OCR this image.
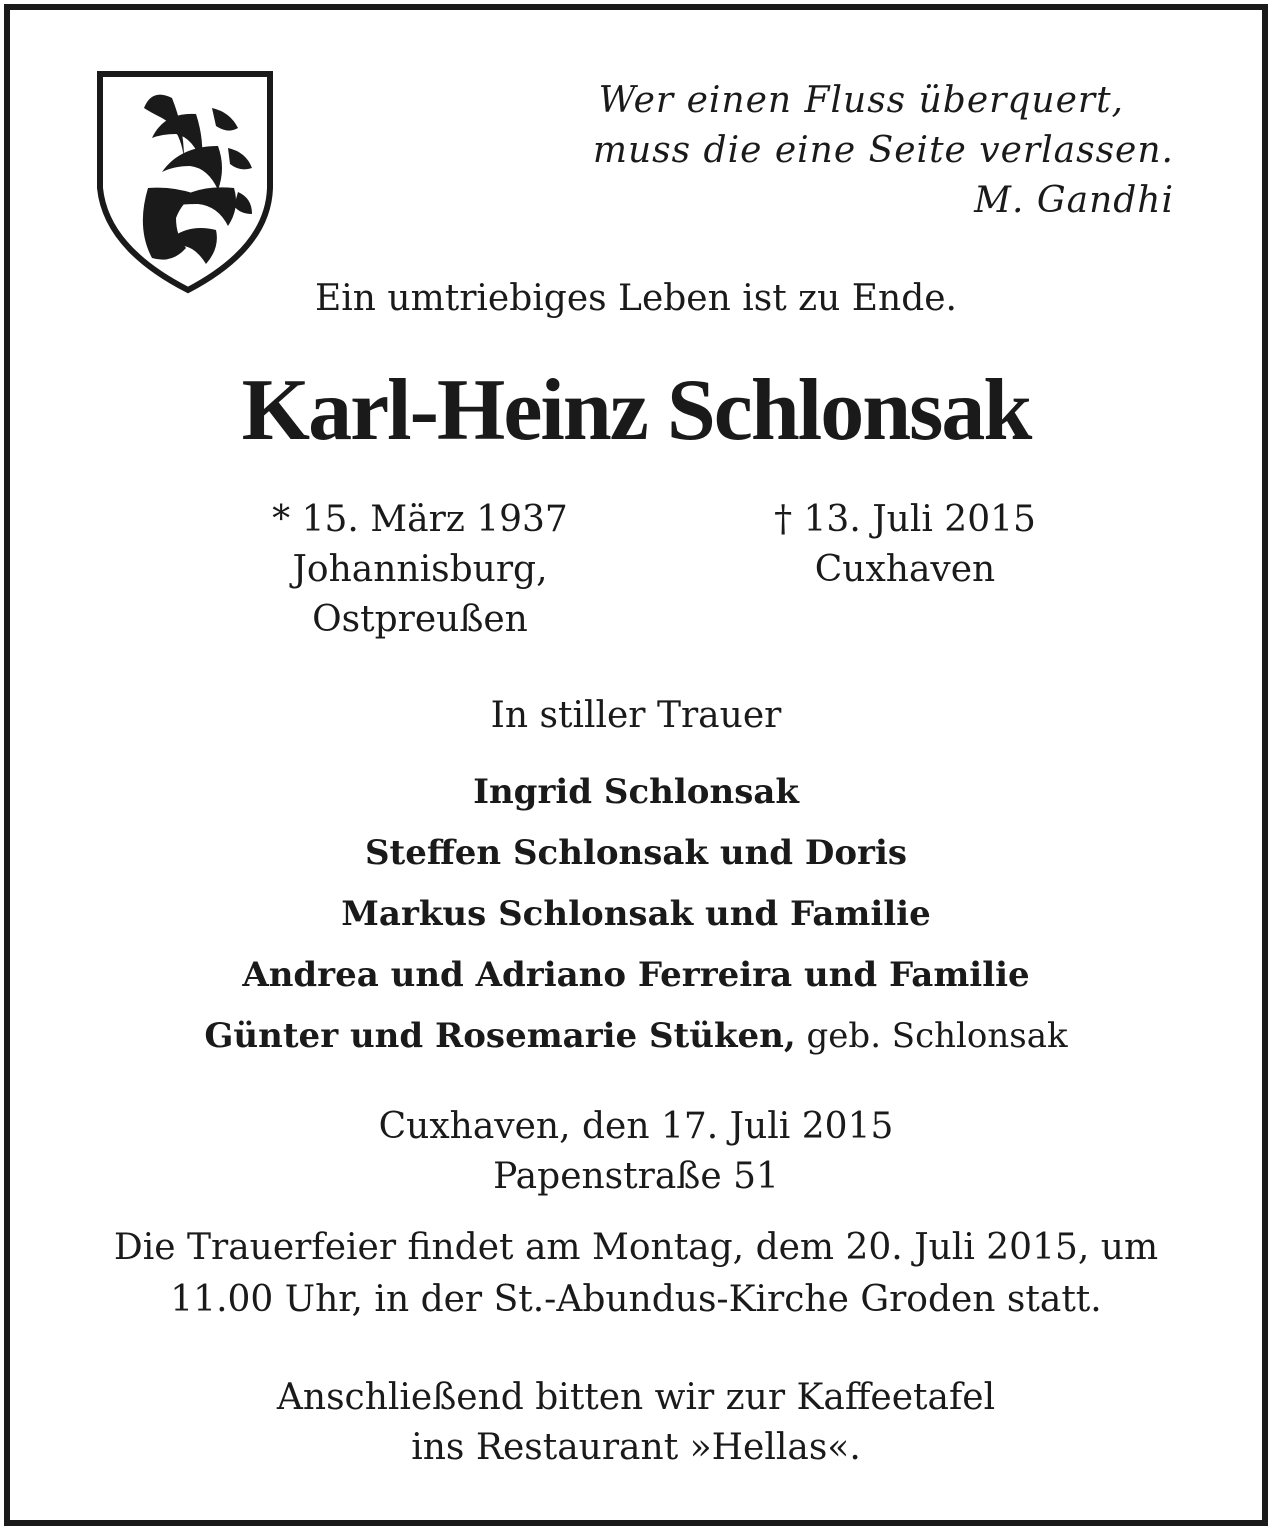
Wer einen Fluss überquert,
muss die eine Seite verlassen.
M. Gandhi
Ein umtriebiges Leben ist zu Ende.
Karl-Heinz Schlonsak
* 15. März 1937
Johannisburg,
Ostpreußen
† 13. Juli 2015
Cuxhaven
In stiller Trauer
Ingrid Schlonsak
Steffen Schlonsak und Doris
Markus Schlonsak und Familie
Andrea und Adriano Ferreira und Familie
Günter und Rosemarie Stüken, geb. Schlonsak
Cuxhaven, den 17. Juli 2015
Papenstraße 51
Die Trauerfeier findet am Montag, dem 20. Juli 2015, um
11.00 Uhr, in der St.-Abundus-Kirche Groden statt.
Anschließend bitten wir zur Kaffeetafel
ins Restaurant »Hellas«.
